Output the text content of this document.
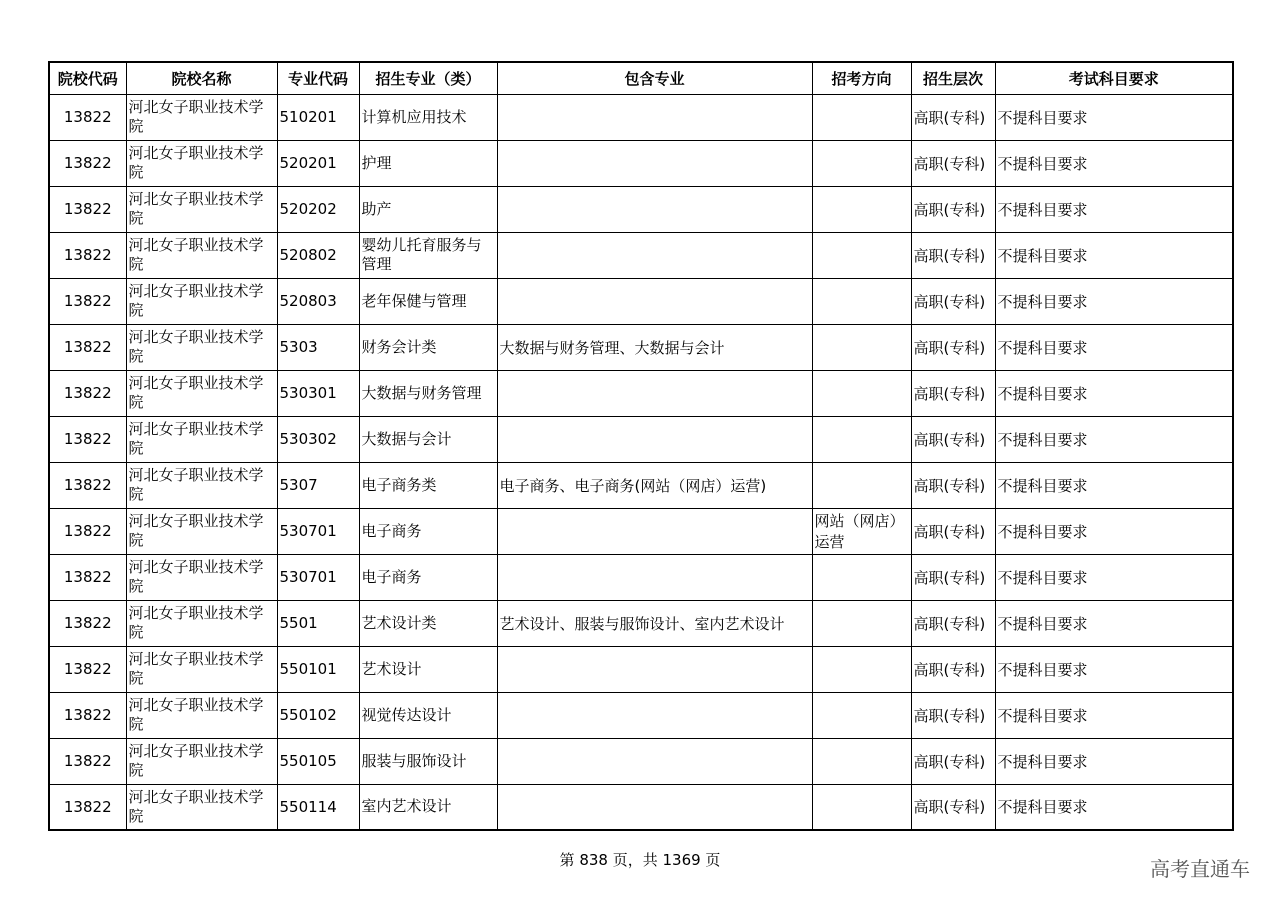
院校代码	院校名称	专业代码	招生专业（类）	包含专业	招考方向	招生层次	考试科目要求
13822	河北女子职业技术学院	510201	计算机应用技术			高职(专科)	不提科目要求
13822	河北女子职业技术学院	520201	护理			高职(专科)	不提科目要求
13822	河北女子职业技术学院	520202	助产			高职(专科)	不提科目要求
13822	河北女子职业技术学院	520802	婴幼儿托育服务与管理			高职(专科)	不提科目要求
13822	河北女子职业技术学院	520803	老年保健与管理			高职(专科)	不提科目要求
13822	河北女子职业技术学院	5303	财务会计类	大数据与财务管理、大数据与会计		高职(专科)	不提科目要求
13822	河北女子职业技术学院	530301	大数据与财务管理			高职(专科)	不提科目要求
13822	河北女子职业技术学院	530302	大数据与会计			高职(专科)	不提科目要求
13822	河北女子职业技术学院	5307	电子商务类	电子商务、电子商务(网站（网店）运营)		高职(专科)	不提科目要求
13822	河北女子职业技术学院	530701	电子商务		网站（网店）运营	高职(专科)	不提科目要求
13822	河北女子职业技术学院	530701	电子商务			高职(专科)	不提科目要求
13822	河北女子职业技术学院	5501	艺术设计类	艺术设计、服装与服饰设计、室内艺术设计		高职(专科)	不提科目要求
13822	河北女子职业技术学院	550101	艺术设计			高职(专科)	不提科目要求
13822	河北女子职业技术学院	550102	视觉传达设计			高职(专科)	不提科目要求
13822	河北女子职业技术学院	550105	服装与服饰设计			高职(专科)	不提科目要求
13822	河北女子职业技术学院	550114	室内艺术设计			高职(专科)	不提科目要求
第 838 页，共 1369 页	高考直通车
